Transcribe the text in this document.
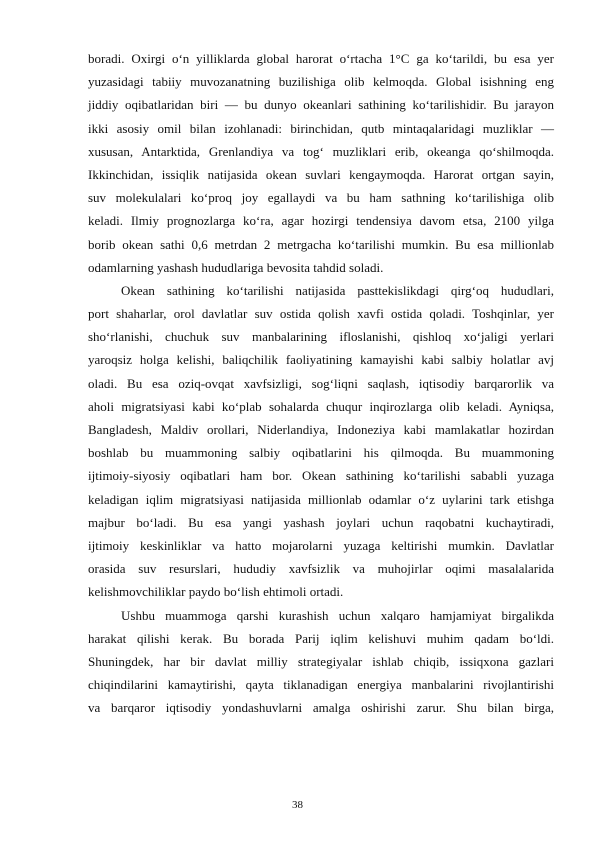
boradi. Oxirgi o‘n yilliklarda global harorat o‘rtacha 1°C ga ko‘tarildi, bu esa yer
yuzasidagi tabiiy muvozanatning buzilishiga olib kelmoqda. Global isishning eng
jiddiy oqibatlaridan biri — bu dunyo okeanlari sathining ko‘tarilishidir. Bu jarayon
ikki asosiy omil bilan izohlanadi: birinchidan, qutb mintaqalaridagi muzliklar —
xususan, Antarktida, Grenlandiya va tog‘ muzliklari erib, okeanga qo‘shilmoqda.
Ikkinchidan, issiqlik natijasida okean suvlari kengaymoqda. Harorat ortgan sayin,
suv molekulalari ko‘proq joy egallaydi va bu ham sathning ko‘tarilishiga olib
keladi. Ilmiy prognozlarga ko‘ra, agar hozirgi tendensiya davom etsa, 2100 yilga
borib okean sathi 0,6 metrdan 2 metrgacha ko‘tarilishi mumkin. Bu esa millionlab
odamlarning yashash hududlariga bevosita tahdid soladi.
Okean sathining ko‘tarilishi natijasida pasttekislikdagi qirg‘oq hududlari,
port shaharlar, orol davlatlar suv ostida qolish xavfi ostida qoladi. Toshqinlar, yer
sho‘rlanishi, chuchuk suv manbalarining ifloslanishi, qishloq xo‘jaligi yerlari
yaroqsiz holga kelishi, baliqchilik faoliyatining kamayishi kabi salbiy holatlar avj
oladi. Bu esa oziq-ovqat xavfsizligi, sog‘liqni saqlash, iqtisodiy barqarorlik va
aholi migratsiyasi kabi ko‘plab sohalarda chuqur inqirozlarga olib keladi. Ayniqsa,
Bangladesh, Maldiv orollari, Niderlandiya, Indoneziya kabi mamlakatlar hozirdan
boshlab bu muammoning salbiy oqibatlarini his qilmoqda. Bu muammoning
ijtimoiy-siyosiy oqibatlari ham bor. Okean sathining ko‘tarilishi sababli yuzaga
keladigan iqlim migratsiyasi natijasida millionlab odamlar o‘z uylarini tark etishga
majbur bo‘ladi. Bu esa yangi yashash joylari uchun raqobatni kuchaytiradi,
ijtimoiy keskinliklar va hatto mojarolarni yuzaga keltirishi mumkin. Davlatlar
orasida suv resurslari, hududiy xavfsizlik va muhojirlar oqimi masalalarida
kelishmovchiliklar paydo bo‘lish ehtimoli ortadi.
Ushbu muammoga qarshi kurashish uchun xalqaro hamjamiyat birgalikda
harakat qilishi kerak. Bu borada Parij iqlim kelishuvi muhim qadam bo‘ldi.
Shuningdek, har bir davlat milliy strategiyalar ishlab chiqib, issiqxona gazlari
chiqindilarini kamaytirishi, qayta tiklanadigan energiya manbalarini rivojlantirishi
va barqaror iqtisodiy yondashuvlarni amalga oshirishi zarur. Shu bilan birga,
38
